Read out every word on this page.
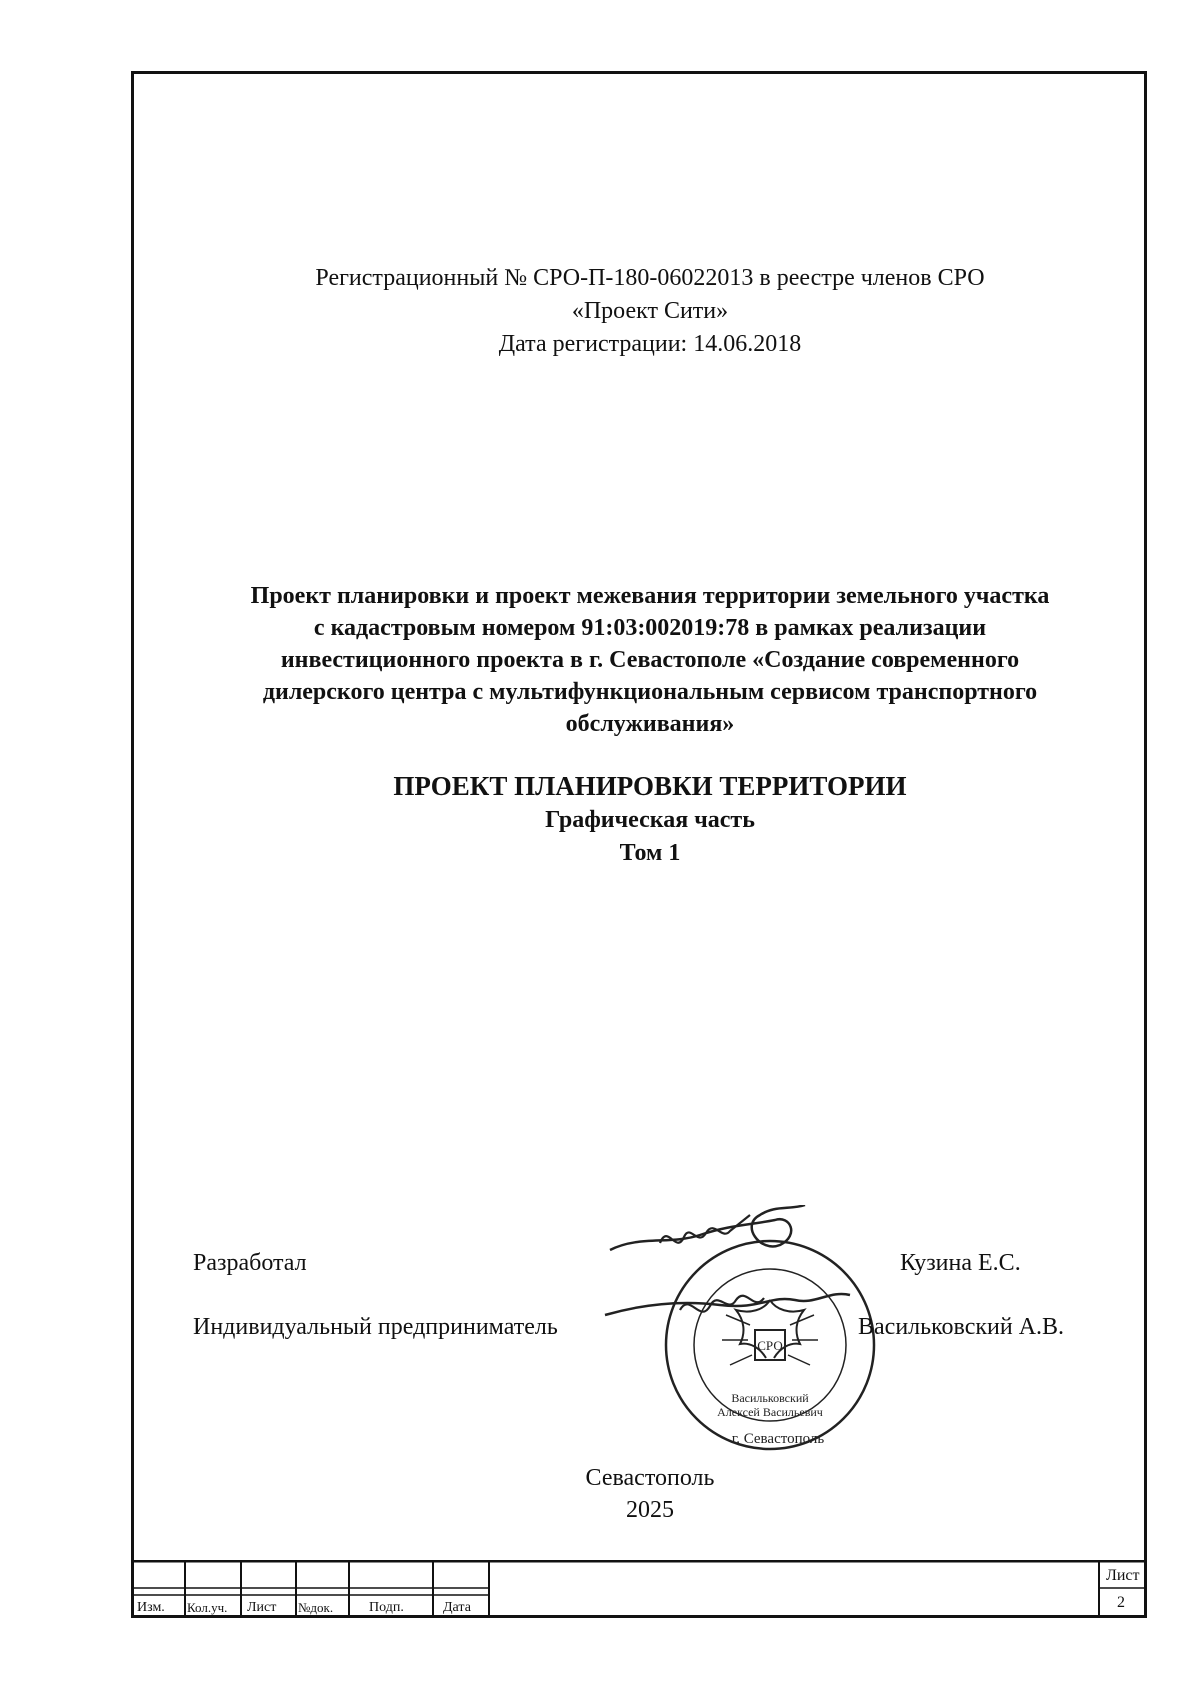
Регистрационный № СРО-П-180-06022013 в реестре членов СРО
«Проект Сити»
Дата регистрации: 14.06.2018
Проект планировки и проект межевания территории земельного участка
с кадастровым номером 91:03:002019:78 в рамках реализации
инвестиционного проекта в г. Севастополе «Создание современного
дилерского центра с мультифункциональным сервисом транспортного
обслуживания»
ПРОЕКТ ПЛАНИРОВКИ ТЕРРИТОРИИ
Графическая часть
Том 1
Разработал
Индивидуальный предприниматель
СРО
Васильковский
Алексей Васильевич
г. Севастополь
Кузина Е.С.
Васильковский А.В.
Севастополь
2025
Изм. Кол.уч. Лист №док.	Подп.	Дата
Лист
2
